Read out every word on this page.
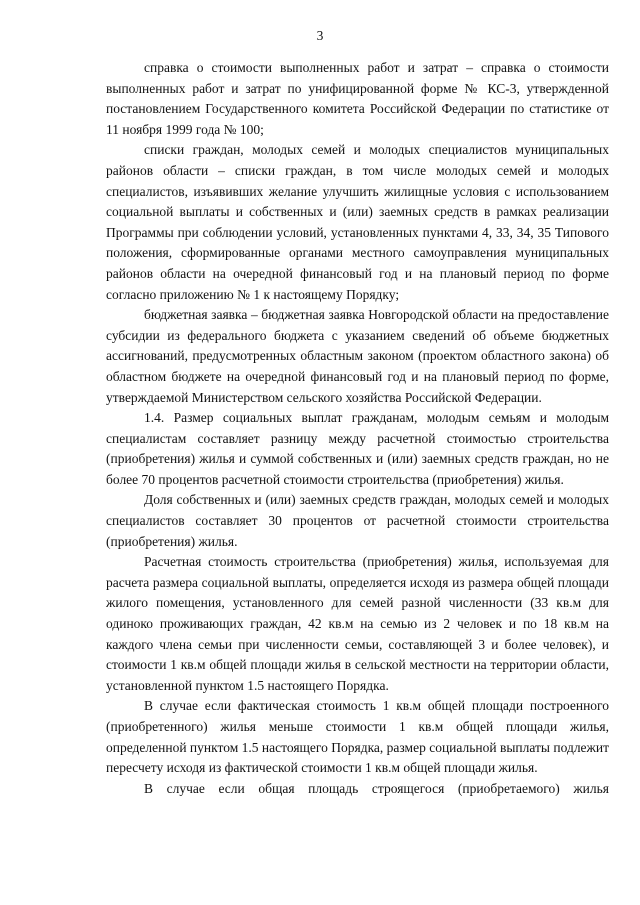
3

справка о стоимости выполненных работ и затрат – справка о стоимости выполненных работ и затрат по унифицированной форме № КС-3, утвержденной постановлением Государственного комитета Российской Федерации по статистике от 11 ноября 1999 года № 100;

списки граждан, молодых семей и молодых специалистов муниципальных районов области – списки граждан, в том числе молодых семей и молодых специалистов, изъявивших желание улучшить жилищные условия с использованием социальной выплаты и собственных и (или) заемных средств в рамках реализации Программы при соблюдении условий, установленных пунктами 4, 33, 34, 35 Типового положения, сформированные органами местного самоуправления муниципальных районов области на очередной финансовый год и на плановый период по форме согласно приложению № 1 к настоящему Порядку;

бюджетная заявка – бюджетная заявка Новгородской области на предоставление субсидии из федерального бюджета с указанием сведений об объеме бюджетных ассигнований, предусмотренных областным законом (проектом областного закона) об областном бюджете на очередной финансовый год и на плановый период по форме, утверждаемой Министерством сельского хозяйства Российской Федерации.

1.4. Размер социальных выплат гражданам, молодым семьям и молодым специалистам составляет разницу между расчетной стоимостью строительства (приобретения) жилья и суммой собственных и (или) заемных средств граждан, но не более 70 процентов расчетной стоимости строительства (приобретения) жилья.

Доля собственных и (или) заемных средств граждан, молодых семей и молодых специалистов составляет 30 процентов от расчетной стоимости строительства (приобретения) жилья.

Расчетная стоимость строительства (приобретения) жилья, используемая для расчета размера социальной выплаты, определяется исходя из размера общей площади жилого помещения, установленного для семей разной численности (33 кв.м для одиноко проживающих граждан, 42 кв.м на семью из 2 человек и по 18 кв.м на каждого члена семьи при численности семьи, составляющей 3 и более человек), и стоимости 1 кв.м общей площади жилья в сельской местности на территории области, установленной пунктом 1.5 настоящего Порядка.

В случае если фактическая стоимость 1 кв.м общей площади построенного (приобретенного) жилья меньше стоимости 1 кв.м общей площади жилья, определенной пунктом 1.5 настоящего Порядка, размер социальной выплаты подлежит пересчету исходя из фактической стоимости 1 кв.м общей площади жилья.

В случае если общая площадь строящегося (приобретаемого) жилья
